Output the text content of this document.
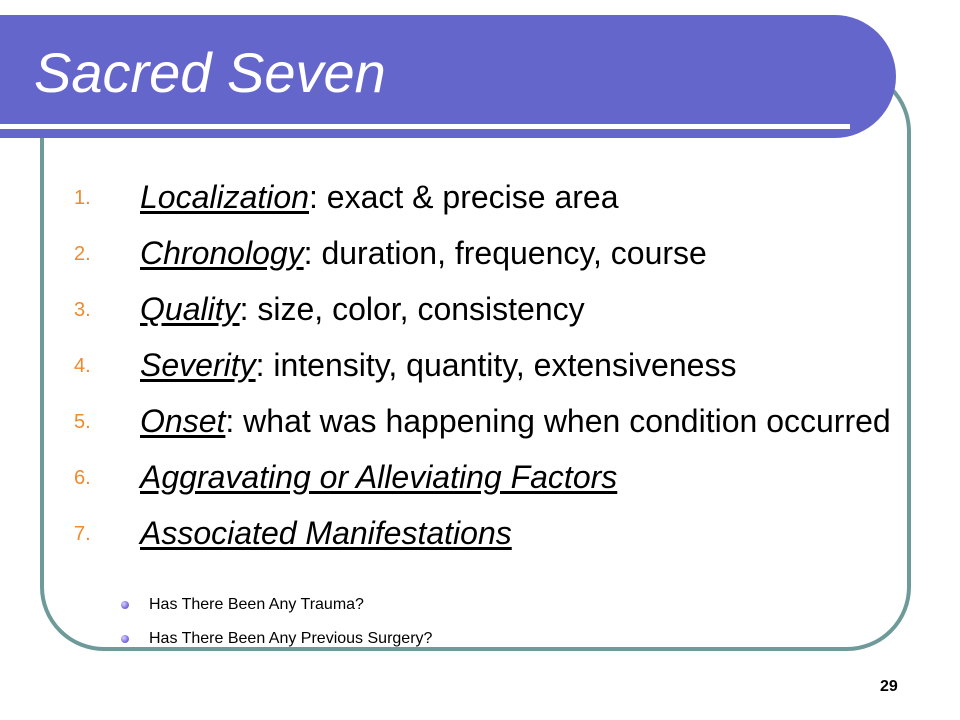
Sacred Seven
1. Localization: exact & precise area
2. Chronology: duration, frequency, course
3. Quality: size, color, consistency
4. Severity: intensity, quantity, extensiveness
5. Onset: what was happening when condition occurred
6. Aggravating or Alleviating Factors
7. Associated Manifestations
Has There Been Any Trauma?
Has There Been Any Previous Surgery?
29
